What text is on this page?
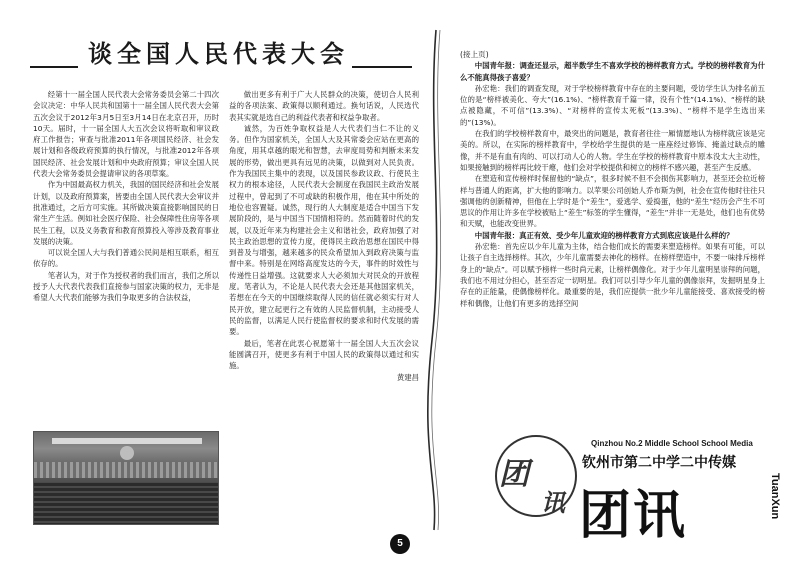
谈全国人民代表大会

经第十一届全国人民代表大会常务委员会第二十四次会议决定：中华人民共和国第十一届全国人民代表大会第五次会议于2012年3月5日至3月14日在北京召开，历时10天。届时，十一届全国人大五次会议将听取和审议政府工作报告；审查与批准2011年各项国民经济、社会发展计划和各级政府预算的执行情况，与批准2012年各项国民经济、社会发展计划和中央政府预算；审议全国人民代表大会常务委员会提请审议的各项草案。

作为中国最高权力机关，我国的国民经济和社会发展计划，以及政府预算案，皆要由全国人民代表大会审议并批准通过，之后方可实施。其所做决策直接影响国民的日常生产生活。例如社会医疗保险、社会保障性住房等各项民生工程，以及义务教育和教育预算投入等涉及教育事业发展的决策。

可以说全国人大与我们普通公民间是相互联系，相互依存的。

笔者认为，对于作为授权者的我们而言，我们之所以授予人大代表代表我们直接参与国家决策的权力，无非是希望人大代表们能够为我们争取更多的合法权益，

做出更多有利于广大人民群众的决策，使切合人民利益的各项法案、政策得以顺利通过。换句话说，人民选代表其实就是选自己的利益代表者和权益争取者。

诚然，为百姓争取权益是人大代表们当仁不让的义务。但作为国家机关，全国人大及其常委会应站在更高的角度，用其卓越的眼光和智慧，去审度局势和判断未来发展的形势，做出更具有远见的决策，以做到对人民负责。作为我国民主集中的表现，以及国民参政议政、行使民主权力的根本途径，人民代表大会制度在我国民主政治发展过程中，曾起到了不可或缺的积极作用，他在其中所处的地位也容置疑。诚然，现行的人大制度是适合中国当下发展阶段的，是与中国当下国情相符的。然而随着时代的发展，以及近年来为构建社会主义和谐社会，政府加强了对民主政治思想的宣传力度，使得民主政治思想在国民中得到普及与增强，越来越多的民众希望加入到政府决策与监督中来。特别是在网络高度发达的今天，事件的时效性与传递性日益增强。这就要求人大必须加大对民众的开放程度。笔者认为，不论是人民代表大会还是其他国家机关，若想在在今天的中国继续取得人民的信任就必须实行对人民开放，建立起更行之有效的人民监督机制，主动接受人民的监督，以满足人民行使监督权的要求和时代发展的需要。

最后，笔者在此衷心祝愿第十一届全国人大五次会议能圆满召开，使更多有利于中国人民的政策得以通过和实施。

黄建昌

(接上页)

中国青年报：调查还显示，超半数学生不喜欢学校的榜样教育方式。学校的榜样教育为什么不能真得孩子喜爱？

孙宏艳：我们的调查发现，对于学校榜样教育中存在的主要问题，受访学生认为排名前五位的是“榜样被美化、夸大”(16.1%)、“榜样教育千篇一律，没有个性”(14.1%)、“榜样的缺点被隐藏，不可信”(13.3%)、“对榜样的宣传太死板”(13.3%)、“榜样不是学生选出来的”(13%)。

在我们的学校榜样教育中，最突出的问题是，教育者往往一厢情愿地认为榜样就应该是完美的。所以，在实际的榜样教育中，学校给学生提供的是一座座经过修饰、掩盖过缺点的雕像，并不是有血有肉的、可以打动人心的人物。学生在学校的榜样教育中原本没太大主动性，如果接触到的榜样再比较干瘪，他们会对学校提供和树立的榜样不感兴趣，甚至产生反感。

在塑造和宣传榜样时保留他的“缺点”，很多时候不但不会损伤其影响力，甚至还会拉近榜样与普通人的距离，扩大他的影响力。以苹果公司创始人乔布斯为例，社会在宣传他时往往只强调他的创新精神，但他在上学时是个“差生”，爱逃学、爱捣蛋，他的“差生”经历会产生不可思议的作用让许多在学校被贴上“差生”标签的学生懂得，“差生”并非一无是处，他们也有优势和天赋，也能改变世界。

中国青年报：真正有效、受少年儿童欢迎的榜样教育方式到底应该是什么样的？

孙宏艳：首先应以少年儿童为主体，结合他们成长的需要来塑造榜样。如果有可能，可以让孩子自主选择榜样。其次，少年儿童需要去神化的榜样。在榜样塑造中，不要一味排斥榜样身上的“缺点”。可以赋予榜样一些时尚元素，让榜样偶像化。对于少年儿童明星崇拜的问题，我们也不用过分担心，甚至否定一切明星。我们可以引导少年儿童的偶像崇拜，发掘明星身上存在的正能量，使偶像榜样化。最重要的是，我们应提供一批少年儿童能接受、喜欢接受的榜样和偶像，让他们有更多的选择空间

团
讯
Qinzhou No.2 Middle School School Media
钦州市第二中学二中传媒
团讯	TuanXun
5
